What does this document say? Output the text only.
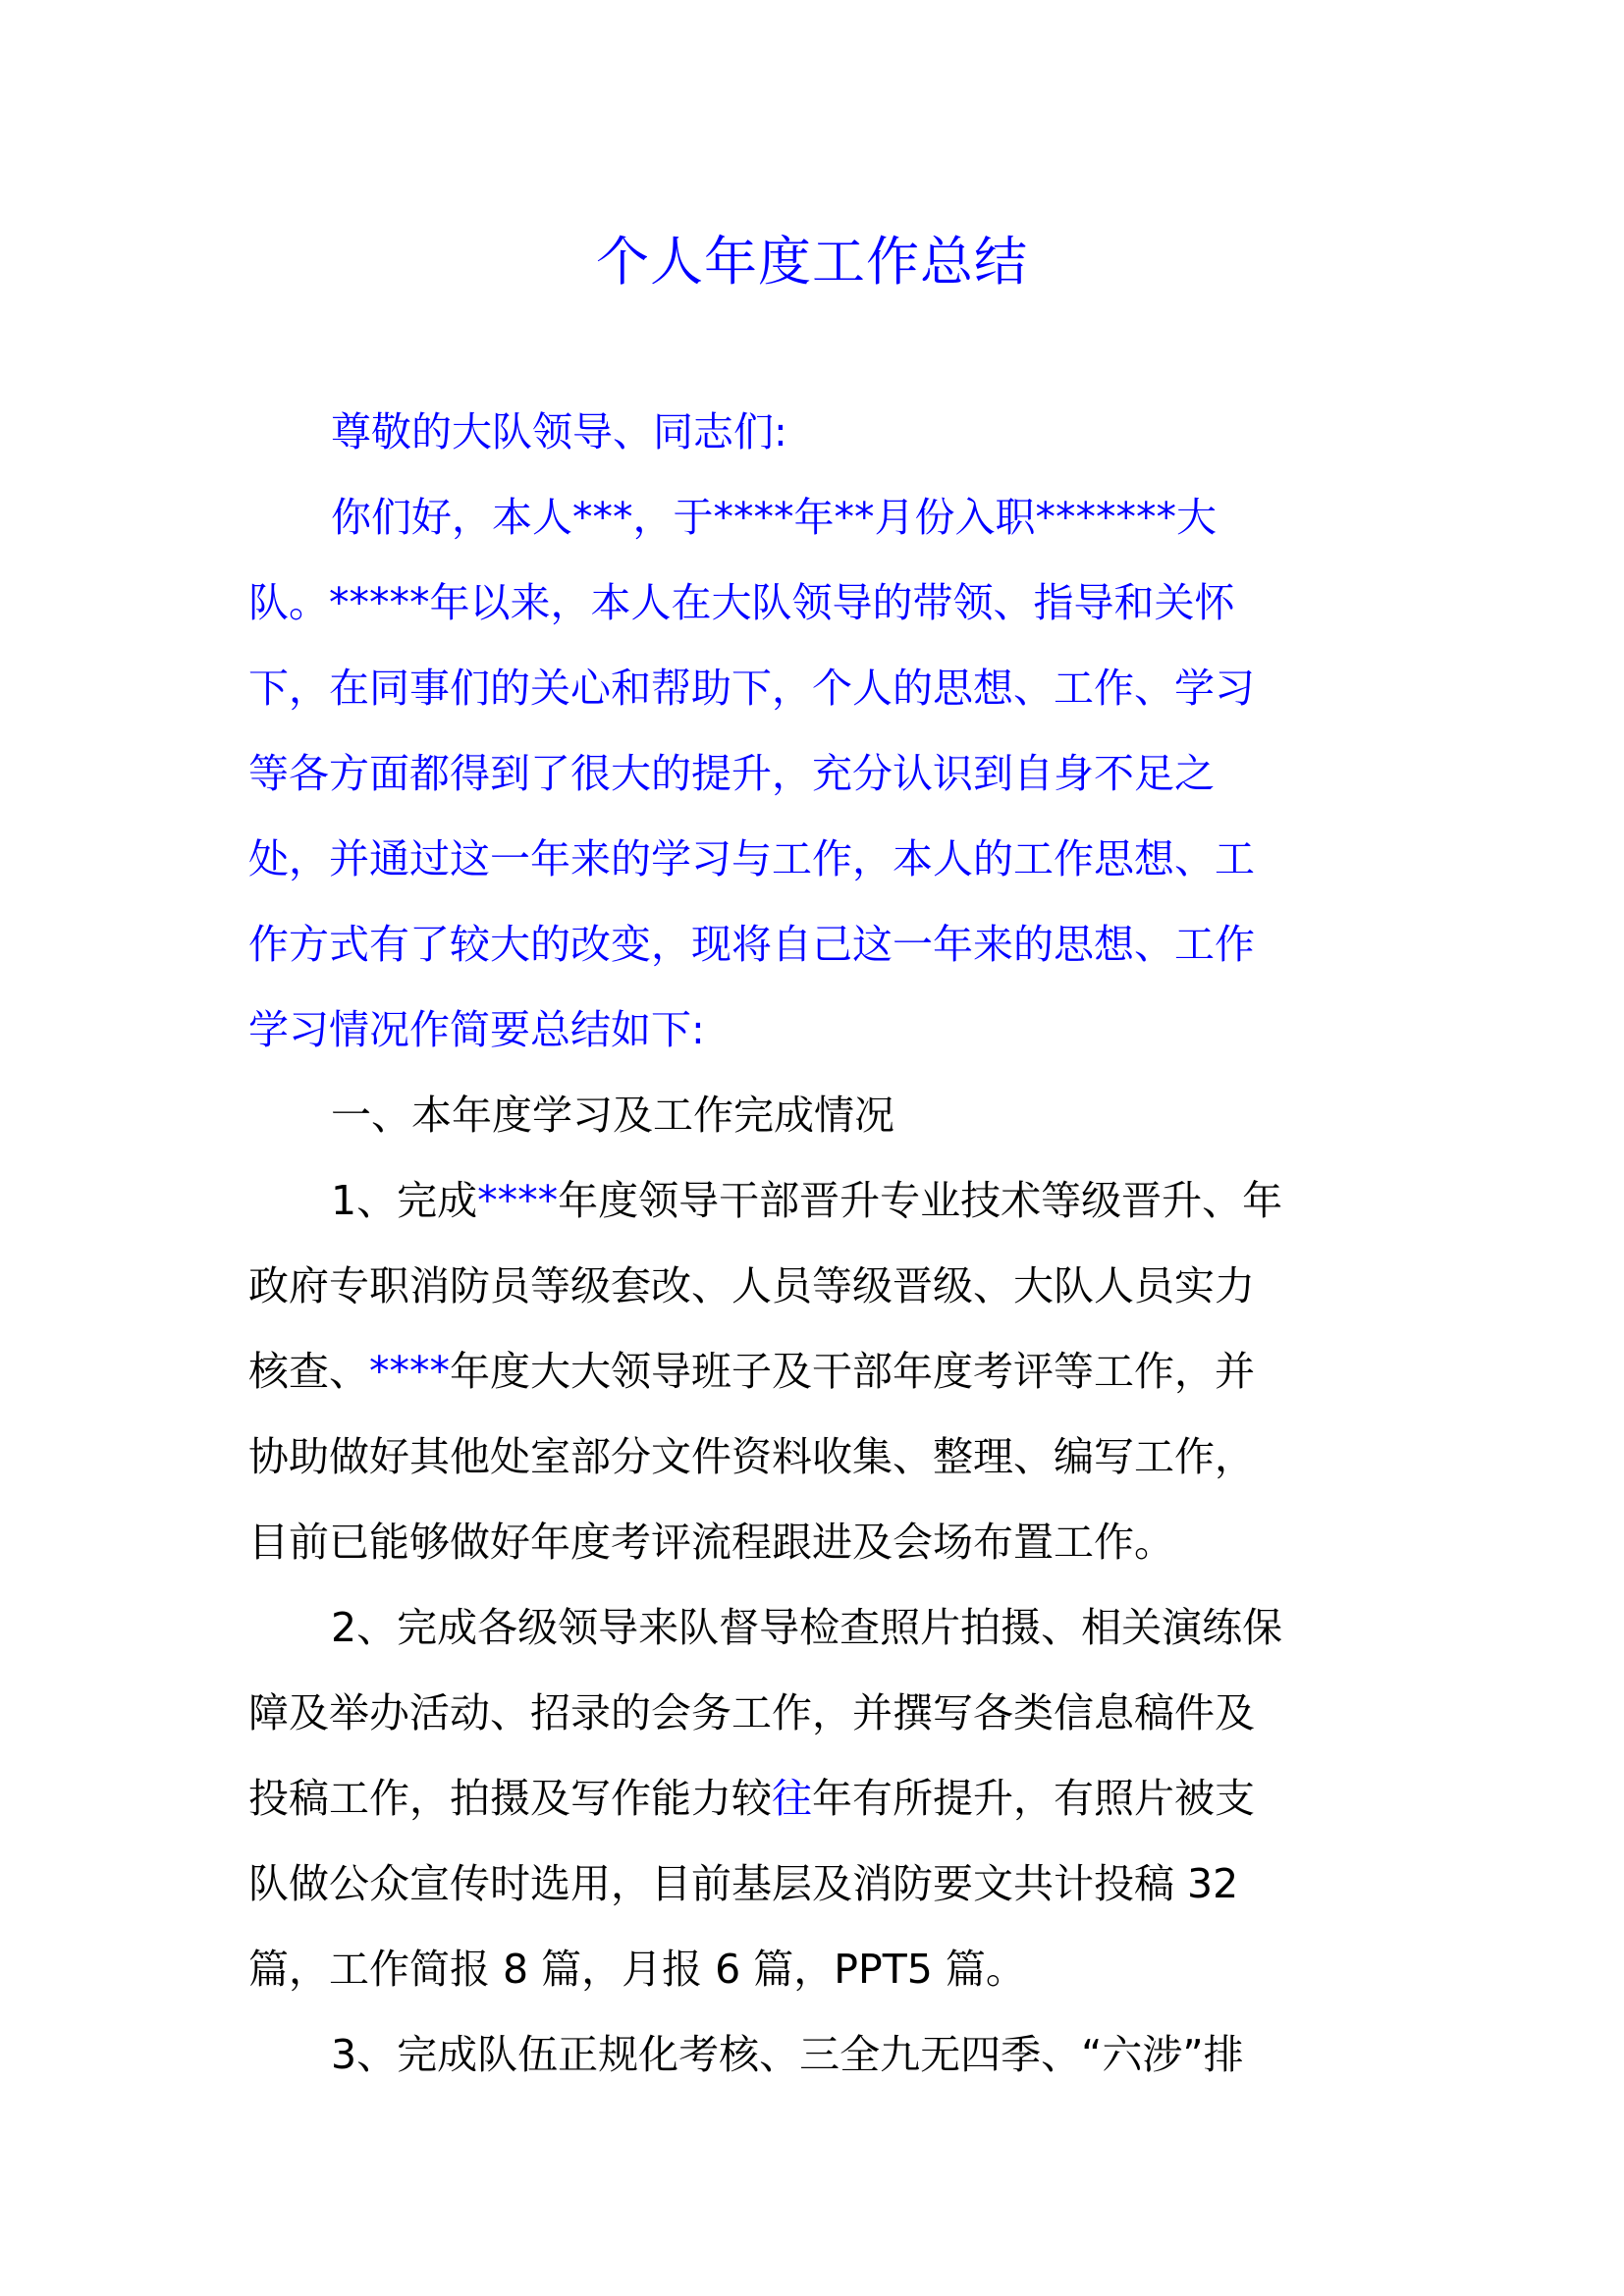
个人年度工作总结
尊敬的大队领导、同志们:
你们好，本人***，于****年**月份入职*******大
队。*****年以来，本人在大队领导的带领、指导和关怀
下，在同事们的关心和帮助下，个人的思想、工作、学习
等各方面都得到了很大的提升，充分认识到自身不足之
处，并通过这一年来的学习与工作，本人的工作思想、工
作方式有了较大的改变，现将自己这一年来的思想、工作
学习情况作简要总结如下:
一、本年度学习及工作完成情况
1、完成****年度领导干部晋升专业技术等级晋升、年
政府专职消防员等级套改、人员等级晋级、大队人员实力
核查、****年度大大领导班子及干部年度考评等工作，并
协助做好其他处室部分文件资料收集、整理、编写工作，
目前已能够做好年度考评流程跟进及会场布置工作。
2、完成各级领导来队督导检查照片拍摄、相关演练保
障及举办活动、招录的会务工作，并撰写各类信息稿件及
投稿工作，拍摄及写作能力较往年有所提升，有照片被支
队做公众宣传时选用，目前基层及消防要文共计投稿 32
篇，工作简报 8 篇，月报 6 篇，PPT5 篇。
3、完成队伍正规化考核、三全九无四季、“六涉”排
